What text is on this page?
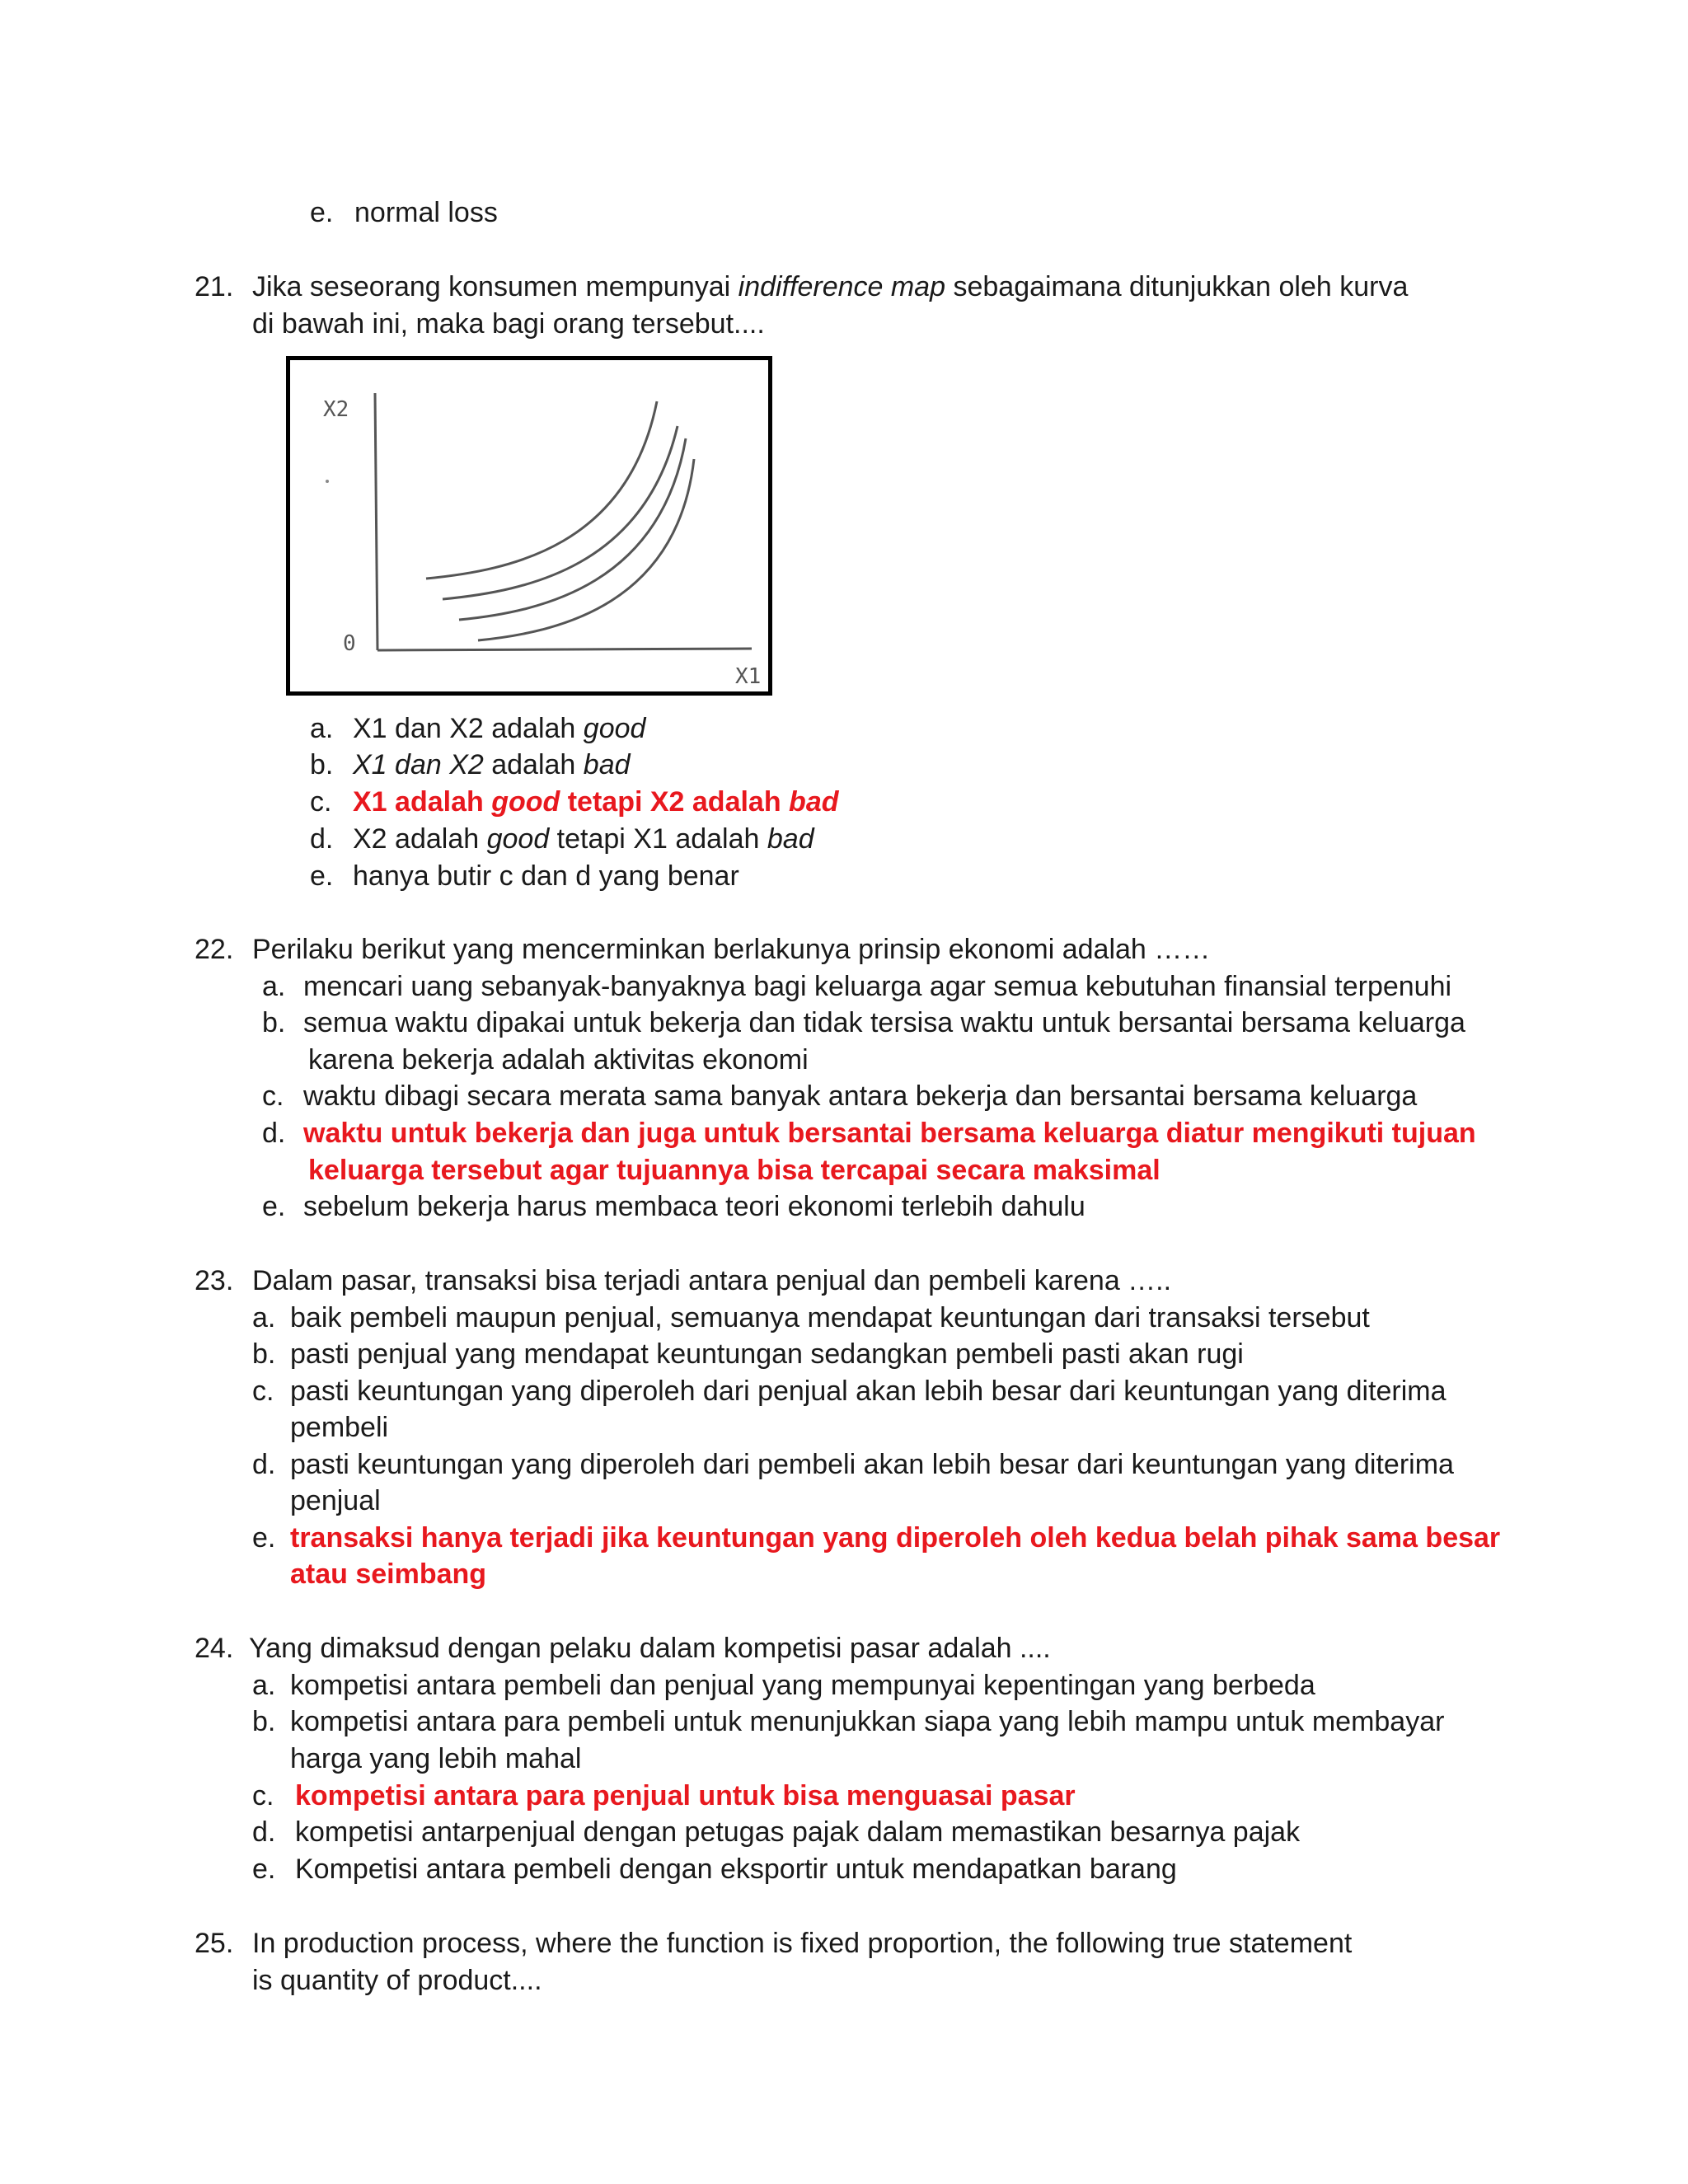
e. normal loss
21. Jika seseorang konsumen mempunyai indifference map sebagaimana ditunjukkan oleh kurva
di bawah ini, maka bagi orang tersebut....
X2
X1
0
a. X1 dan X2 adalah good
b. X1 dan X2 adalah bad
c. X1 adalah good tetapi X2 adalah bad
d. X2 adalah good tetapi X1 adalah bad
e. hanya butir c dan d yang benar
22. Perilaku berikut yang mencerminkan berlakunya prinsip ekonomi adalah ……
a. mencari uang sebanyak-banyaknya bagi keluarga agar semua kebutuhan finansial terpenuhi
b. semua waktu dipakai untuk bekerja dan tidak tersisa waktu untuk bersantai bersama keluarga
karena bekerja adalah aktivitas ekonomi
c. waktu dibagi secara merata sama banyak antara bekerja dan bersantai bersama keluarga
d. waktu untuk bekerja dan juga untuk bersantai bersama keluarga diatur mengikuti tujuan
keluarga tersebut agar tujuannya bisa tercapai secara maksimal
e. sebelum bekerja harus membaca teori ekonomi terlebih dahulu
23. Dalam pasar, transaksi bisa terjadi antara penjual dan pembeli karena …..
a. baik pembeli maupun penjual, semuanya mendapat keuntungan dari transaksi tersebut
b. pasti penjual yang mendapat keuntungan sedangkan pembeli pasti akan rugi
c. pasti keuntungan yang diperoleh dari penjual akan lebih besar dari keuntungan yang diterima
pembeli
d. pasti keuntungan yang diperoleh dari pembeli akan lebih besar dari keuntungan yang diterima
penjual
e. transaksi hanya terjadi jika keuntungan yang diperoleh oleh kedua belah pihak sama besar
atau seimbang
24. Yang dimaksud dengan pelaku dalam kompetisi pasar adalah ....
a. kompetisi antara pembeli dan penjual yang mempunyai kepentingan yang berbeda
b. kompetisi antara para pembeli untuk menunjukkan siapa yang lebih mampu untuk membayar
harga yang lebih mahal
c. kompetisi antara para penjual untuk bisa menguasai pasar
d. kompetisi antarpenjual dengan petugas pajak dalam memastikan besarnya pajak
e. Kompetisi antara pembeli dengan eksportir untuk mendapatkan barang
25. In production process, where the function is fixed proportion, the following true statement
is quantity of product....
